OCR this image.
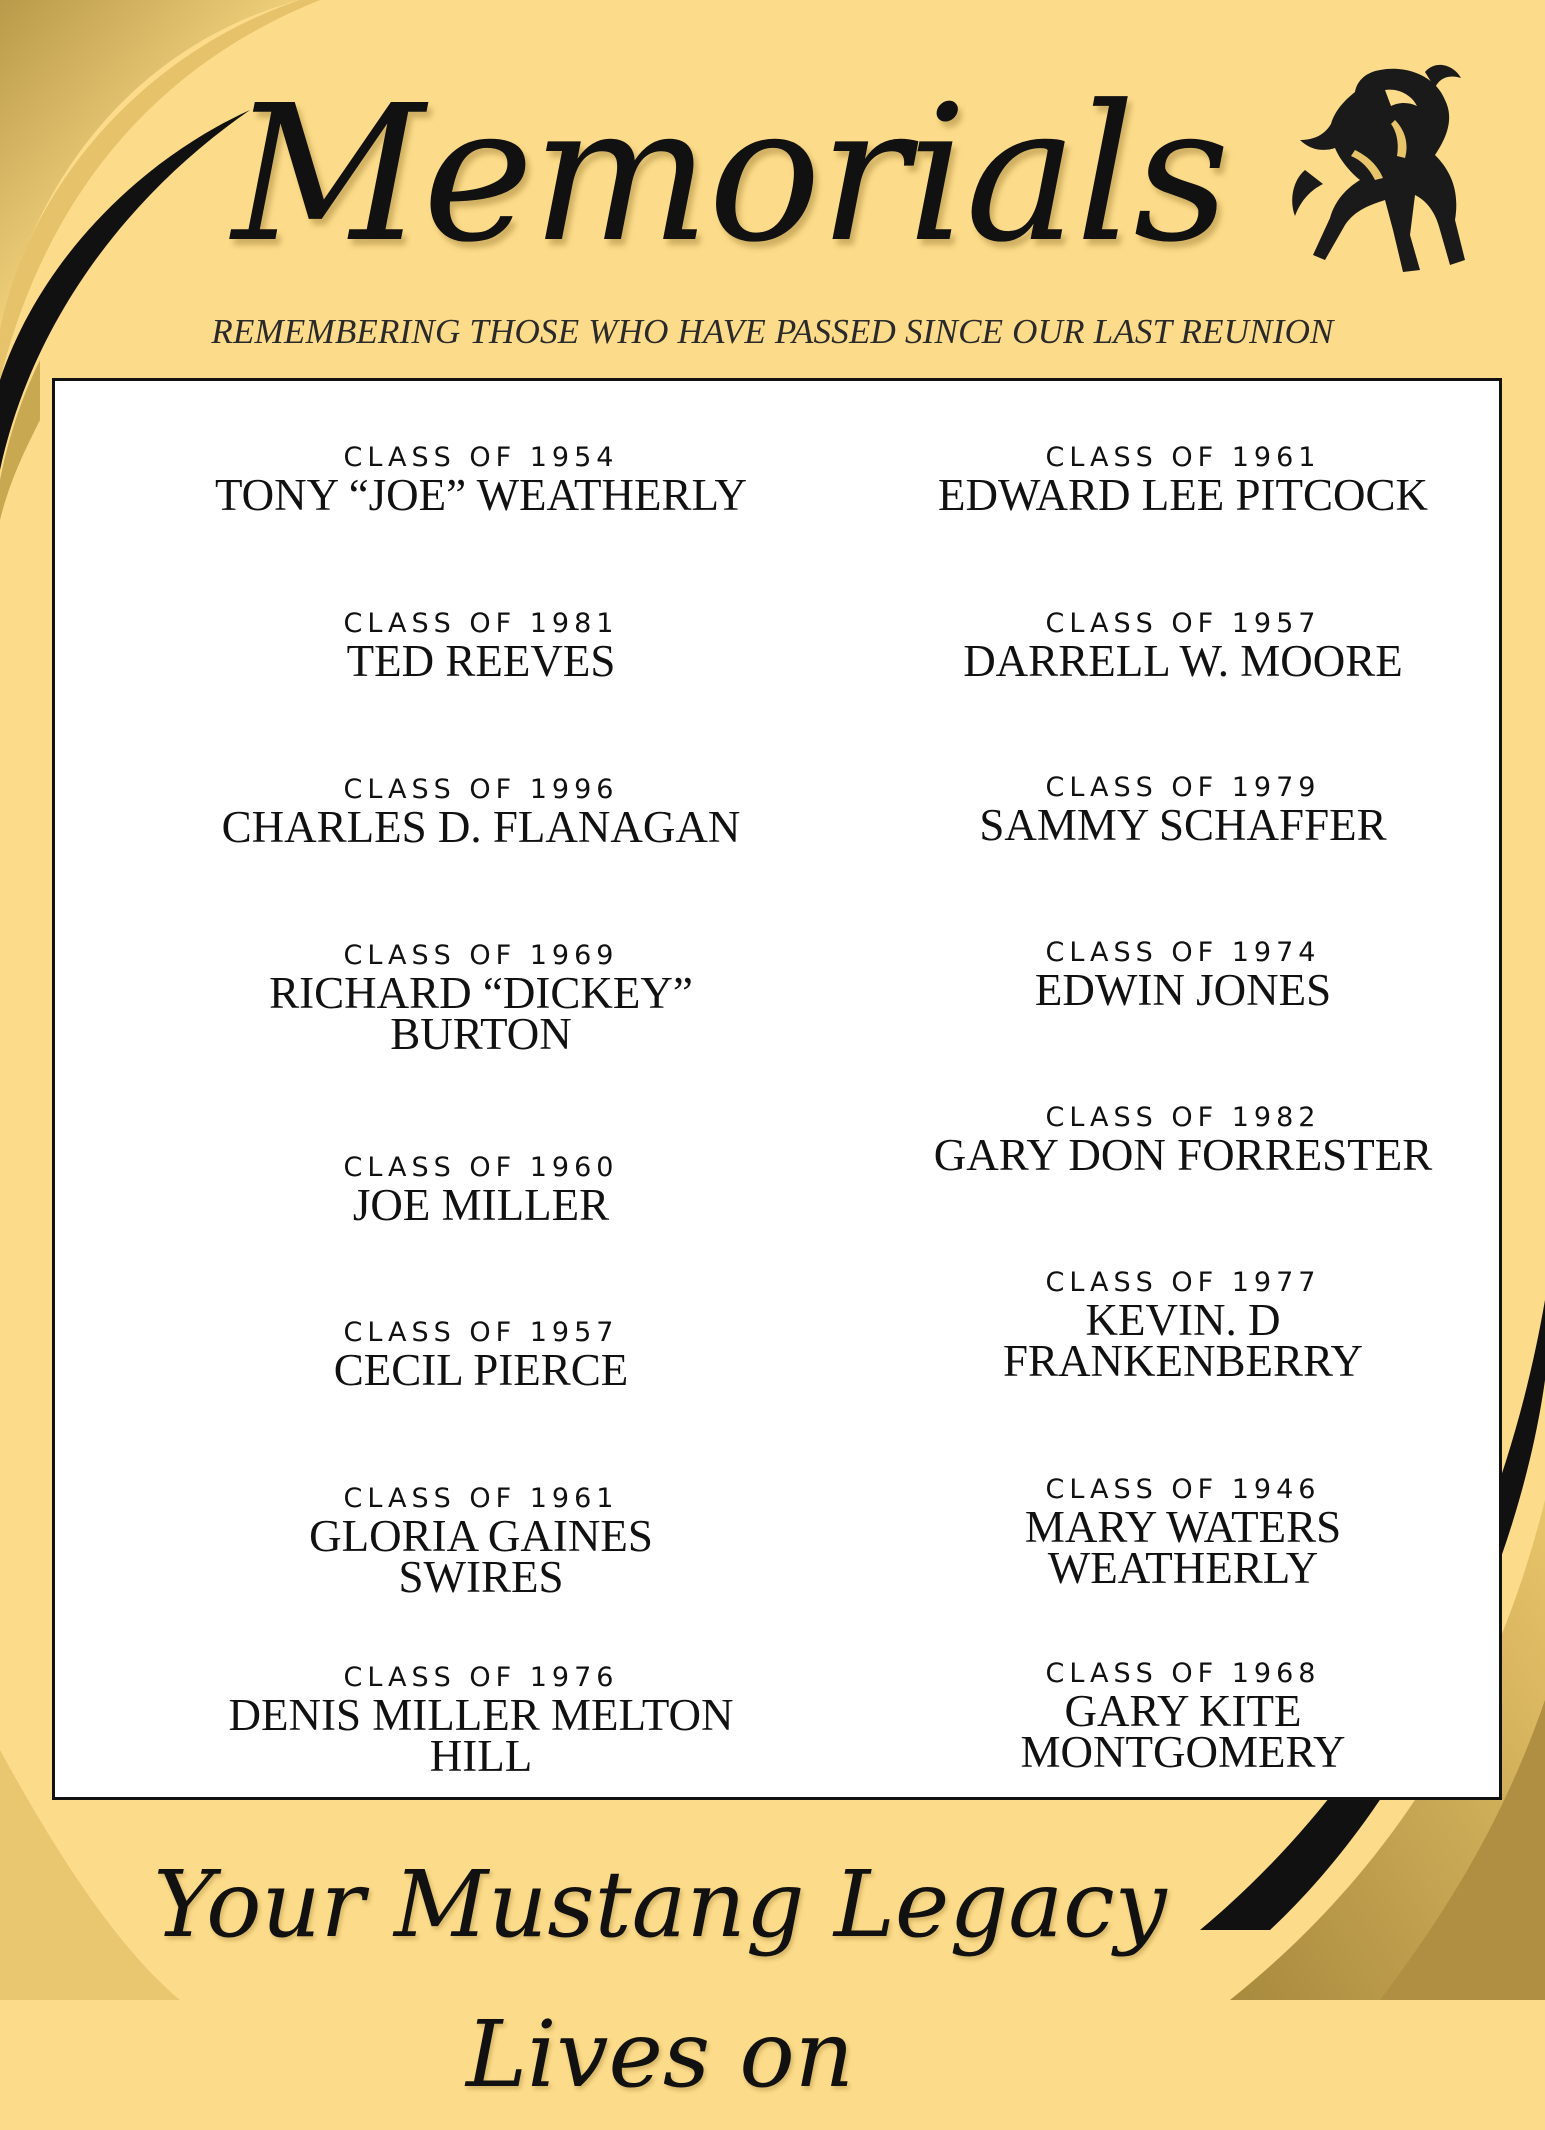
Memorials
REMEMBERING THOSE WHO HAVE PASSED SINCE OUR LAST REUNION
CLASS OF 1954
TONY “JOE” WEATHERLY
CLASS OF 1981
TED REEVES
CLASS OF 1996
CHARLES D. FLANAGAN
CLASS OF 1969
RICHARD “DICKEY” BURTON
CLASS OF 1960
JOE MILLER
CLASS OF 1957
CECIL PIERCE
CLASS OF 1961
GLORIA GAINES SWIRES
CLASS OF 1976
DENIS MILLER MELTON HILL
CLASS OF 1961
EDWARD LEE PITCOCK
CLASS OF 1957
DARRELL W. MOORE
CLASS OF 1979
SAMMY SCHAFFER
CLASS OF 1974
EDWIN JONES
CLASS OF 1982
GARY DON FORRESTER
CLASS OF 1977
KEVIN. D FRANKENBERRY
CLASS OF 1946
MARY WATERS WEATHERLY
CLASS OF 1968
GARY KITE MONTGOMERY
Your Mustang Legacy Lives on
